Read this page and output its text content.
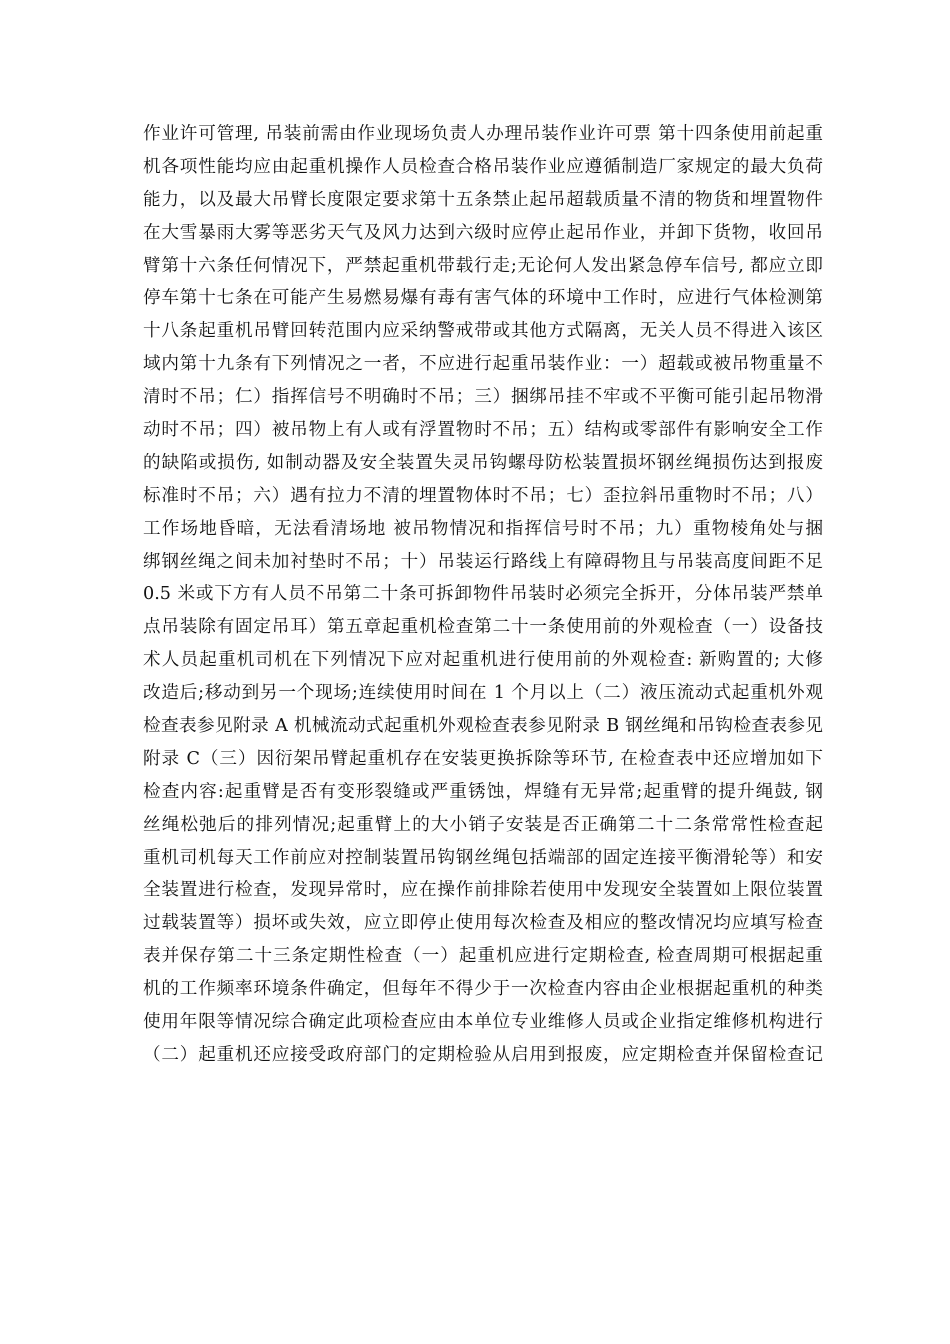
作业许可管理, 吊装前需由作业现场负责人办理吊装作业许可票 第十四条使用前起重
机各项性能均应由起重机操作人员检查合格吊装作业应遵循制造厂家规定的最大负荷
能力，以及最大吊臂长度限定要求第十五条禁止起吊超载质量不清的物货和埋置物件
在大雪暴雨大雾等恶劣天气及风力达到六级时应停止起吊作业，并卸下货物，收回吊
臂第十六条任何情况下，严禁起重机带载行走;无论何人发出紧急停车信号, 都应立即
停车第十七条在可能产生易燃易爆有毒有害气体的环境中工作时，应进行气体检测第
十八条起重机吊臂回转范围内应采纳警戒带或其他方式隔离，无关人员不得进入该区
域内第十九条有下列情况之一者，不应进行起重吊装作业：一）超载或被吊物重量不
清时不吊；仁）指挥信号不明确时不吊；三）捆绑吊挂不牢或不平衡可能引起吊物滑
动时不吊；四）被吊物上有人或有浮置物时不吊；五）结构或零部件有影响安全工作
的缺陷或损伤, 如制动器及安全装置失灵吊钩螺母防松装置损坏钢丝绳损伤达到报废
标准时不吊；六）遇有拉力不清的埋置物体时不吊；七）歪拉斜吊重物时不吊；八）
工作场地昏暗，无法看清场地 被吊物情况和指挥信号时不吊；九）重物棱角处与捆
绑钢丝绳之间未加衬垫时不吊；十）吊装运行路线上有障碍物且与吊装高度间距不足
0.5 米或下方有人员不吊第二十条可拆卸物件吊装时必须完全拆开，分体吊装严禁单
点吊装除有固定吊耳）第五章起重机检查第二十一条使用前的外观检查（一）设备技
术人员起重机司机在下列情况下应对起重机进行使用前的外观检查: 新购置的; 大修
改造后;移动到另一个现场;连续使用时间在 1 个月以上（二）液压流动式起重机外观
检查表参见附录 A 机械流动式起重机外观检查表参见附录 B 钢丝绳和吊钩检查表参见
附录 C（三）因衍架吊臂起重机存在安装更换拆除等环节, 在检查表中还应增加如下
检查内容:起重臂是否有变形裂缝或严重锈蚀，焊缝有无异常;起重臂的提升绳鼓, 钢
丝绳松弛后的排列情况;起重臂上的大小销子安装是否正确第二十二条常常性检查起
重机司机每天工作前应对控制装置吊钩钢丝绳包括端部的固定连接平衡滑轮等）和安
全装置进行检查，发现异常时，应在操作前排除若使用中发现安全装置如上限位装置
过载装置等）损坏或失效，应立即停止使用每次检查及相应的整改情况均应填写检查
表并保存第二十三条定期性检查（一）起重机应进行定期检查, 检查周期可根据起重
机的工作频率环境条件确定，但每年不得少于一次检查内容由企业根据起重机的种类
使用年限等情况综合确定此项检查应由本单位专业维修人员或企业指定维修机构进行
（二）起重机还应接受政府部门的定期检验从启用到报废，应定期检查并保留检查记
